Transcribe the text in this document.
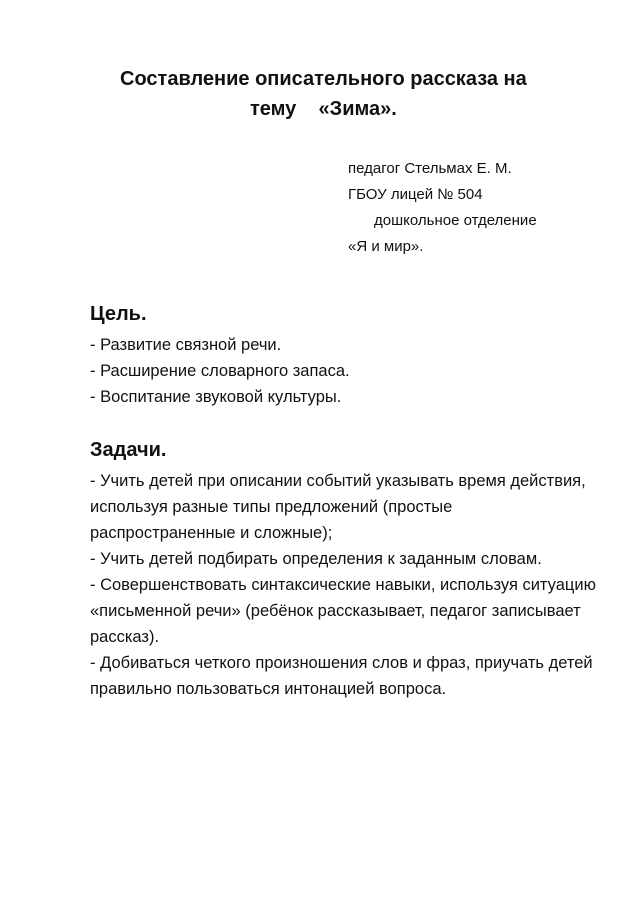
Составление описательного рассказа на
тему    «Зима».
педагог Стельмах Е. М.
ГБОУ лицей № 504
дошкольное отделение
«Я и мир».
Цель.
- Развитие связной речи.
- Расширение словарного запаса.
- Воспитание звуковой культуры.
Задачи.
- Учить детей при описании событий указывать время действия, используя разные типы предложений (простые распространенные и сложные);
- Учить детей подбирать определения к заданным словам.
- Совершенствовать синтаксические навыки, используя ситуацию «письменной речи» (ребёнок рассказывает, педагог записывает рассказ).
- Добиваться четкого произношения слов и фраз, приучать детей правильно пользоваться интонацией вопроса.
